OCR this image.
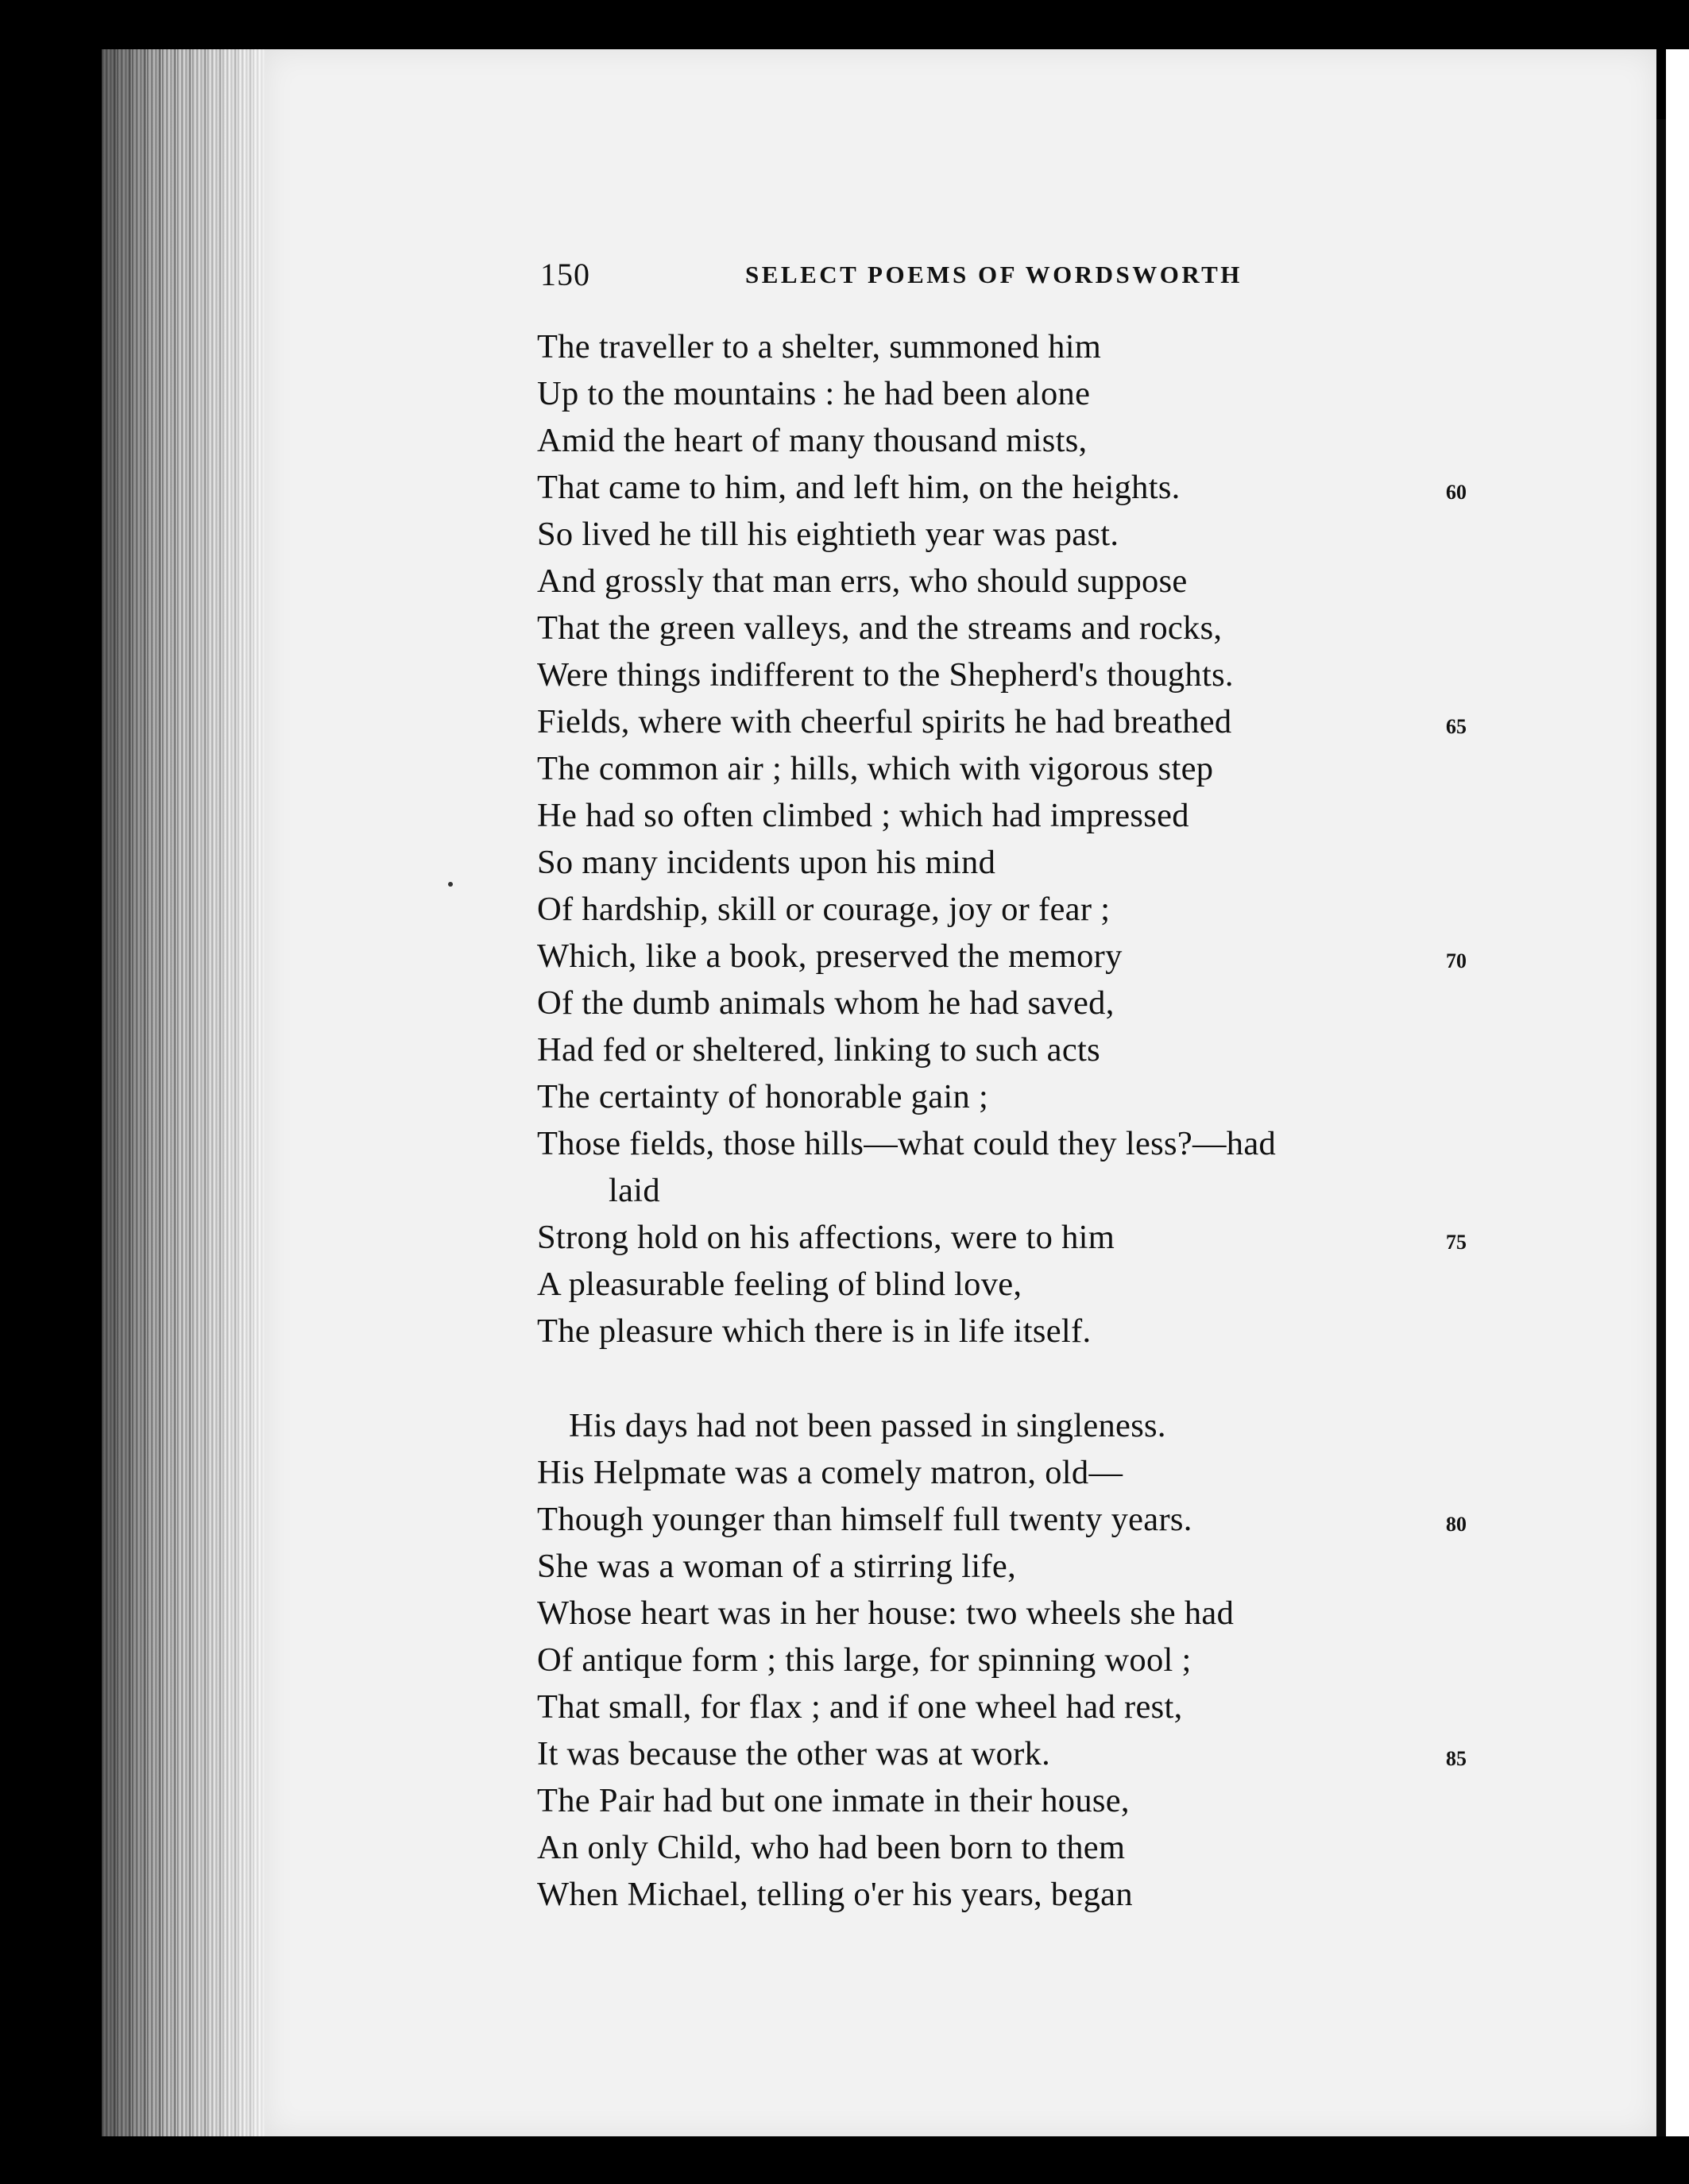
150	SELECT POEMS OF WORDSWORTH
The traveller to a shelter, summoned him
Up to the mountains : he had been alone
Amid the heart of many thousand mists,
That came to him, and left him, on the heights.
So lived he till his eightieth year was past.
And grossly that man errs, who should suppose
That the green valleys, and the streams and rocks,
Were things indifferent to the Shepherd's thoughts.
Fields, where with cheerful spirits he had breathed
The common air ; hills, which with vigorous step
He had so often climbed ; which had impressed
So many incidents upon his mind
Of hardship, skill or courage, joy or fear ;
Which, like a book, preserved the memory
Of the dumb animals whom he had saved,
Had fed or sheltered, linking to such acts
The certainty of honorable gain ;
Those fields, those hills—what could they less?—had
laid
Strong hold on his affections, were to him
A pleasurable feeling of blind love,
The pleasure which there is in life itself.
His days had not been passed in singleness.
His Helpmate was a comely matron, old—
Though younger than himself full twenty years.
She was a woman of a stirring life,
Whose heart was in her house: two wheels she had
Of antique form ; this large, for spinning wool ;
That small, for flax ; and if one wheel had rest,
It was because the other was at work.
The Pair had but one inmate in their house,
An only Child, who had been born to them
When Michael, telling o'er his years, began
60
65
70
75
80
85
